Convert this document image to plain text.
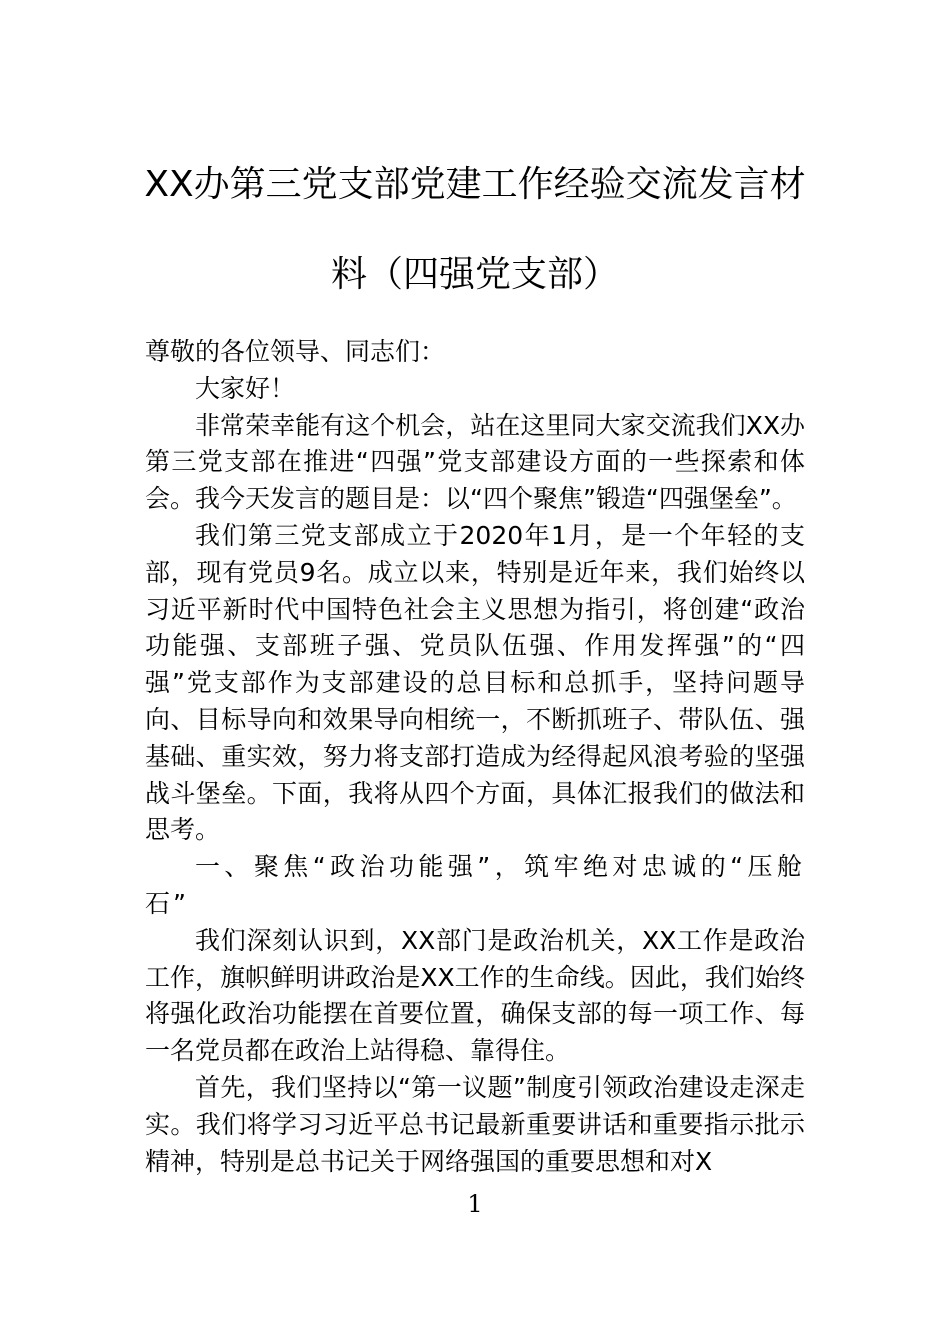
XX办第三党支部党建工作经验交流发言材料（四强党支部）

尊敬的各位领导、同志们：

大家好！

非常荣幸能有这个机会，站在这里同大家交流我们XX办第三党支部在推进“四强”党支部建设方面的一些探索和体会。我今天发言的题目是：以“四个聚焦”锻造“四强堡垒”。

我们第三党支部成立于2020年1月，是一个年轻的支部，现有党员9名。成立以来，特别是近年来，我们始终以习近平新时代中国特色社会主义思想为指引，将创建“政治功能强、支部班子强、党员队伍强、作用发挥强”的“四强”党支部作为支部建设的总目标和总抓手，坚持问题导向、目标导向和效果导向相统一，不断抓班子、带队伍、强基础、重实效，努力将支部打造成为经得起风浪考验的坚强战斗堡垒。下面，我将从四个方面，具体汇报我们的做法和思考。

一、聚焦“政治功能强”，筑牢绝对忠诚的“压舱石”

我们深刻认识到，XX部门是政治机关，XX工作是政治工作，旗帜鲜明讲政治是XX工作的生命线。因此，我们始终将强化政治功能摆在首要位置，确保支部的每一项工作、每一名党员都在政治上站得稳、靠得住。

首先，我们坚持以“第一议题”制度引领政治建设走深走实。我们将学习习近平总书记最新重要讲话和重要指示批示精神，特别是总书记关于网络强国的重要思想和对X

1
